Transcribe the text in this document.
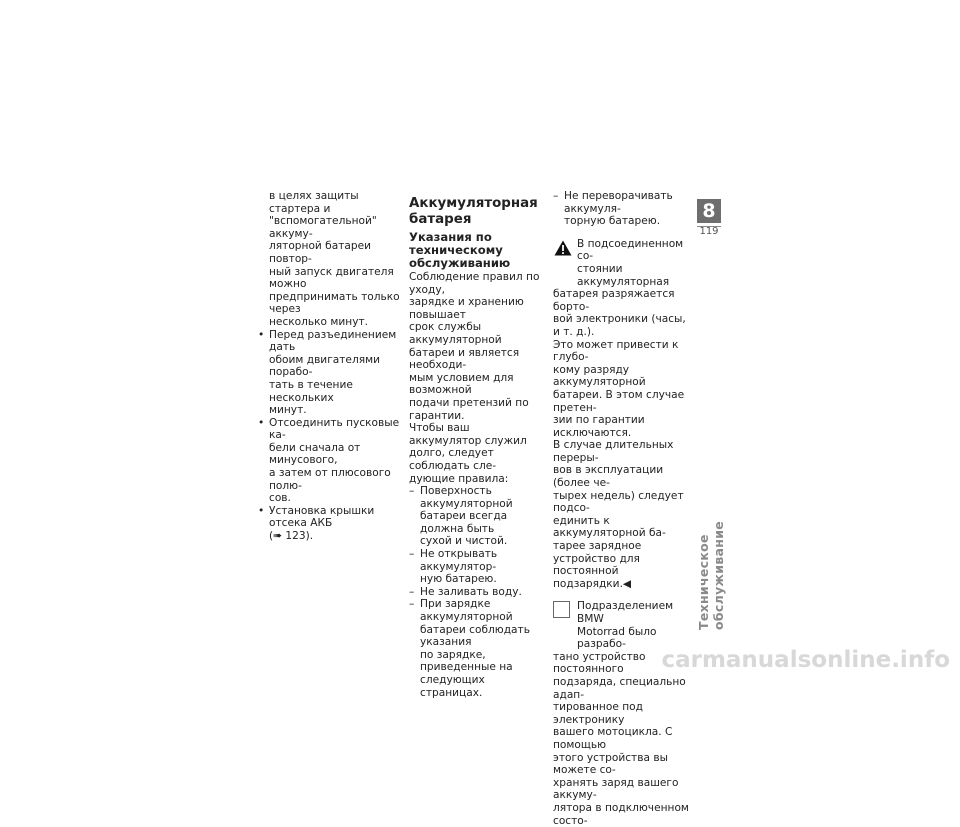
в целях защиты стартера и

"вспомогательной" аккуму-

ляторной батареи повтор-

ный запуск двигателя можно

предпринимать только через

несколько минут.

• Перед разъединением дать

обоим двигателями порабо-

тать в течение нескольких

минут.

• Отсоединить пусковые ка-

бели сначала от минусового,

а затем от плюсового полю-

сов.

• Установка крышки отсека АКБ

(➠ 123).

Аккумуляторная

батарея

Указания по

техническому

обслуживанию

Соблюдение правил по уходу,

зарядке и хранению повышает

срок службы аккумуляторной

батареи и является необходи-

мым условием для возможной

подачи претензий по гарантии.

Чтобы ваш аккумулятор служил

долго, следует соблюдать сле-

дующие правила:

– Поверхность аккумуляторной

батареи всегда должна быть

сухой и чистой.

– Не открывать аккумулятор-

ную батарею.

– Не заливать воду.

– При зарядке аккумуляторной

батареи соблюдать указания

по зарядке, приведенные на

следующих страницах.

– Не переворачивать аккумуля-

торную батарею.

В подсоединенном со-

стоянии аккумуляторная

батарея разряжается борто-

вой электроники (часы, и т. д.).

Это может привести к глубо-

кому разряду аккумуляторной

батареи. В этом случае претен-

зии по гарантии исключаются.

В случае длительных переры-

вов в эксплуатации (более че-

тырех недель) следует подсо-

единить к аккумуляторной ба-

тарее зарядное устройство для

постоянной подзарядки.◀

Подразделением BMW

Motorrad было разрабо-

тано устройство постоянного

подзаряда, специально адап-

тированное под электронику

вашего мотоцикла. С помощью

этого устройства вы можете со-

хранять заряд вашего аккуму-

лятора в подключенном состо-

8
119
Техническое обслуживание
carmanualsonline.info
